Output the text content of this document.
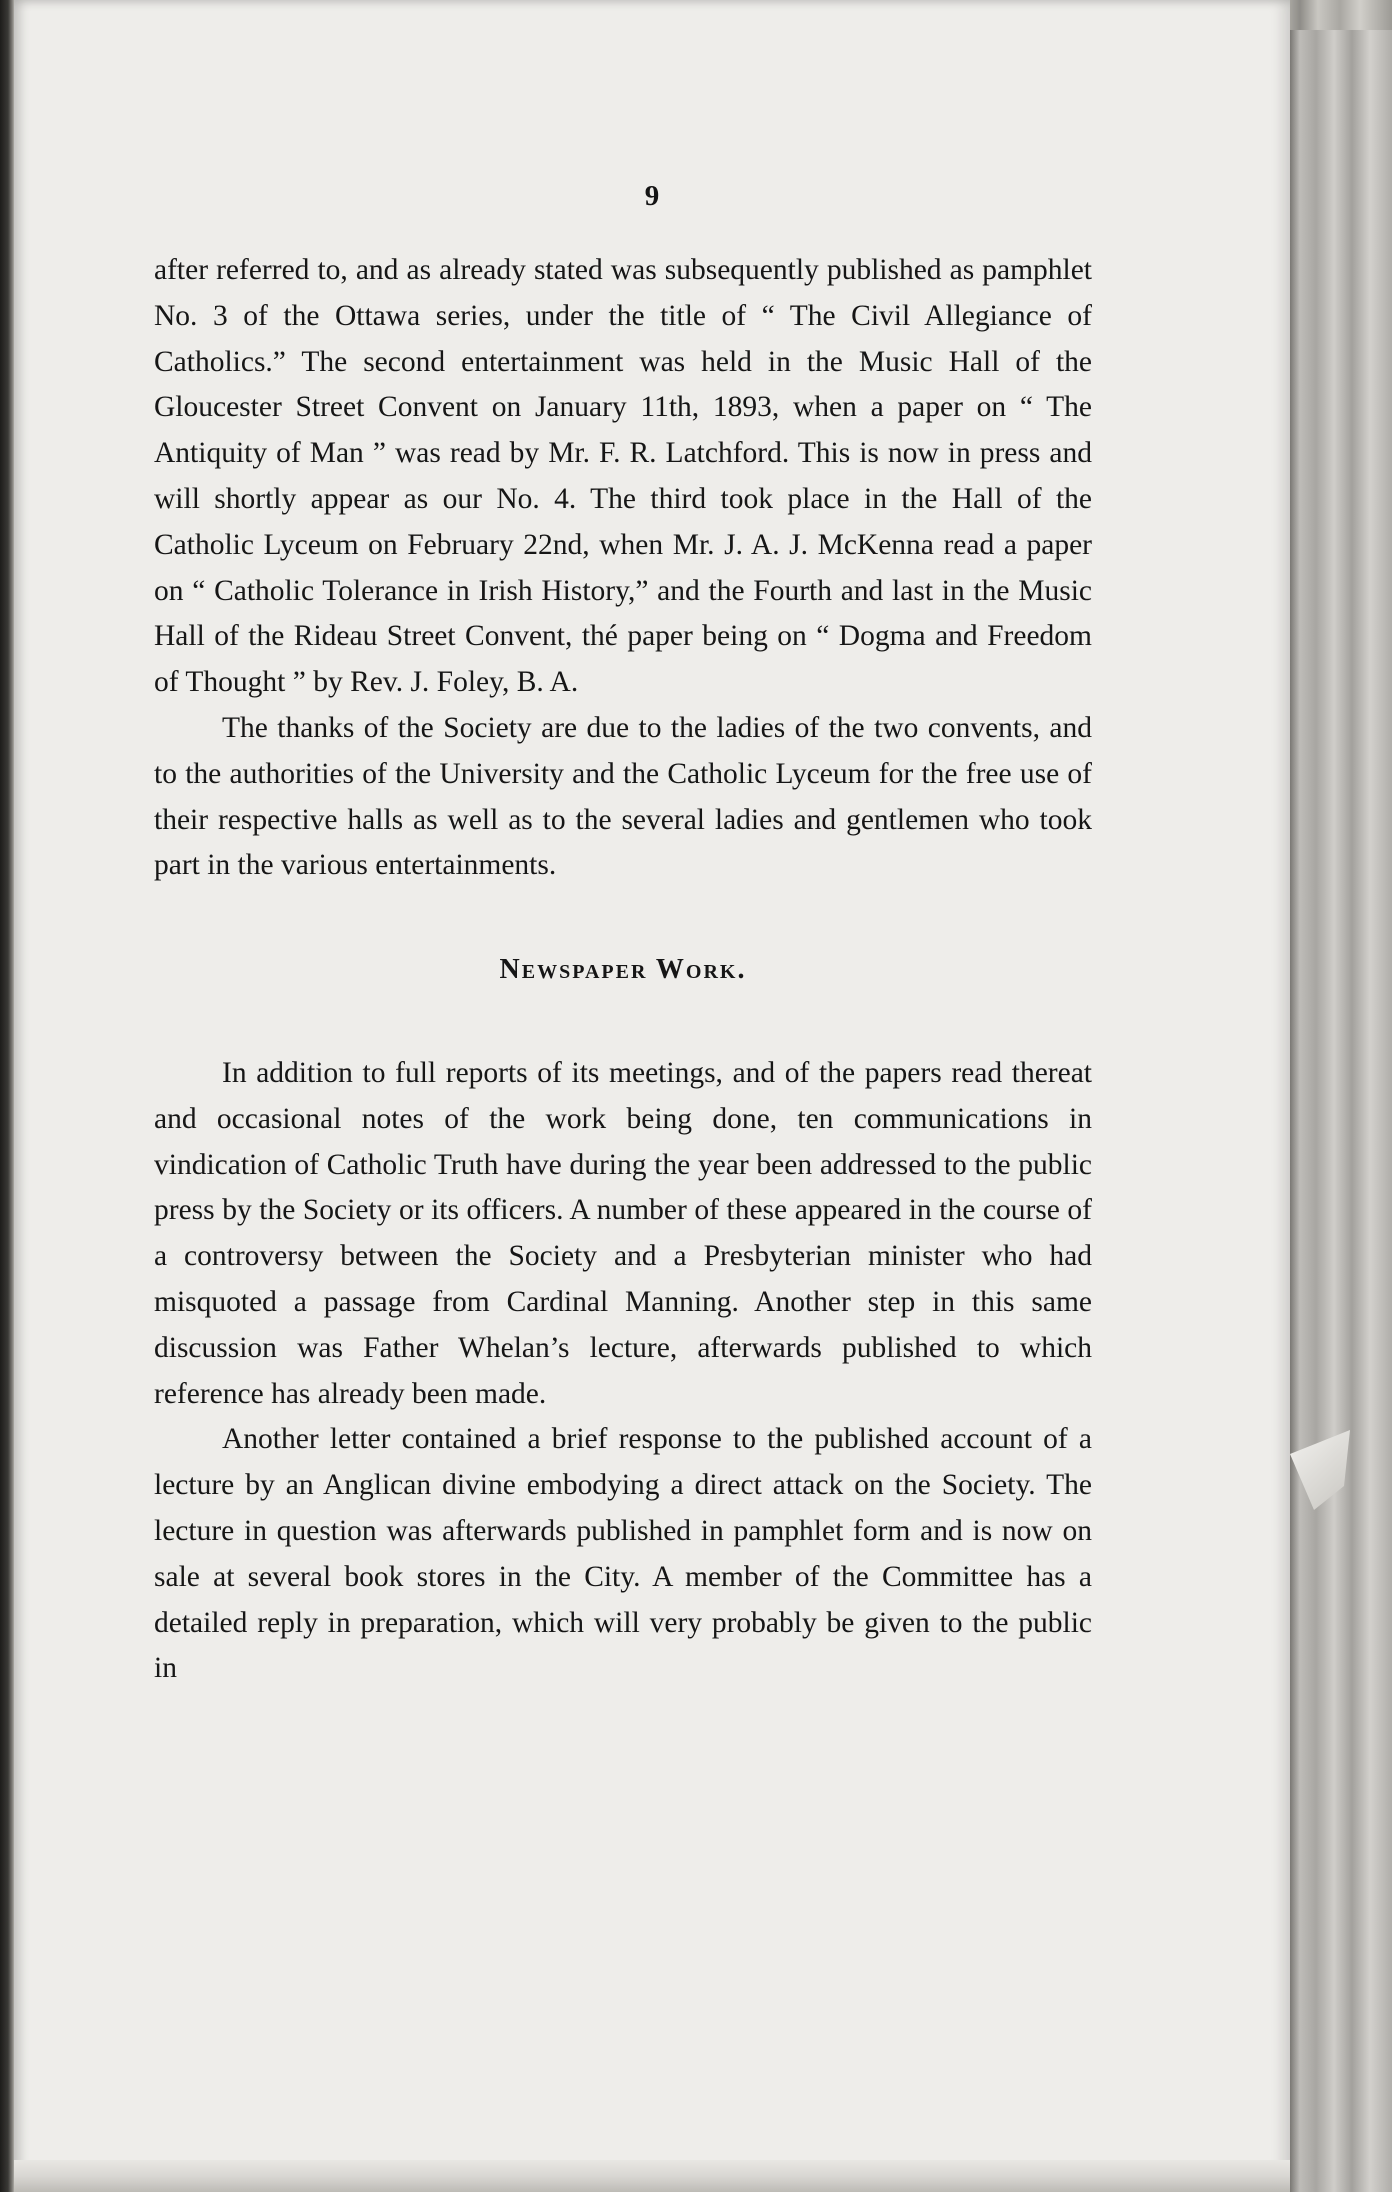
9

after referred to, and as already stated was subsequently published as pamphlet No. 3 of the Ottawa series, under the title of “ The Civil Allegiance of Catholics.” The second entertainment was held in the Music Hall of the Gloucester Street Convent on January 11th, 1893, when a paper on “ The Antiquity of Man ” was read by Mr. F. R. Latchford. This is now in press and will shortly appear as our No. 4. The third took place in the Hall of the Catholic Lyceum on February 22nd, when Mr. J. A. J. McKenna read a paper on “ Catholic Tolerance in Irish History,” and the Fourth and last in the Music Hall of the Rideau Street Convent, thé paper being on “ Dogma and Freedom of Thought ” by Rev. J. Foley, B. A.

The thanks of the Society are due to the ladies of the two convents, and to the authorities of the University and the Catholic Lyceum for the free use of their respective halls as well as to the several ladies and gentlemen who took part in the various entertainments.

Newspaper Work.

In addition to full reports of its meetings, and of the papers read thereat and occasional notes of the work being done, ten communications in vindication of Catholic Truth have during the year been addressed to the public press by the Society or its officers. A number of these appeared in the course of a controversy between the Society and a Presbyterian minister who had misquoted a passage from Cardinal Manning. Another step in this same discussion was Father Whelan’s lecture, afterwards published to which reference has already been made.

Another letter contained a brief response to the published account of a lecture by an Anglican divine embodying a direct attack on the Society. The lecture in question was afterwards published in pamphlet form and is now on sale at several book stores in the City. A member of the Committee has a detailed reply in preparation, which will very probably be given to the public in
